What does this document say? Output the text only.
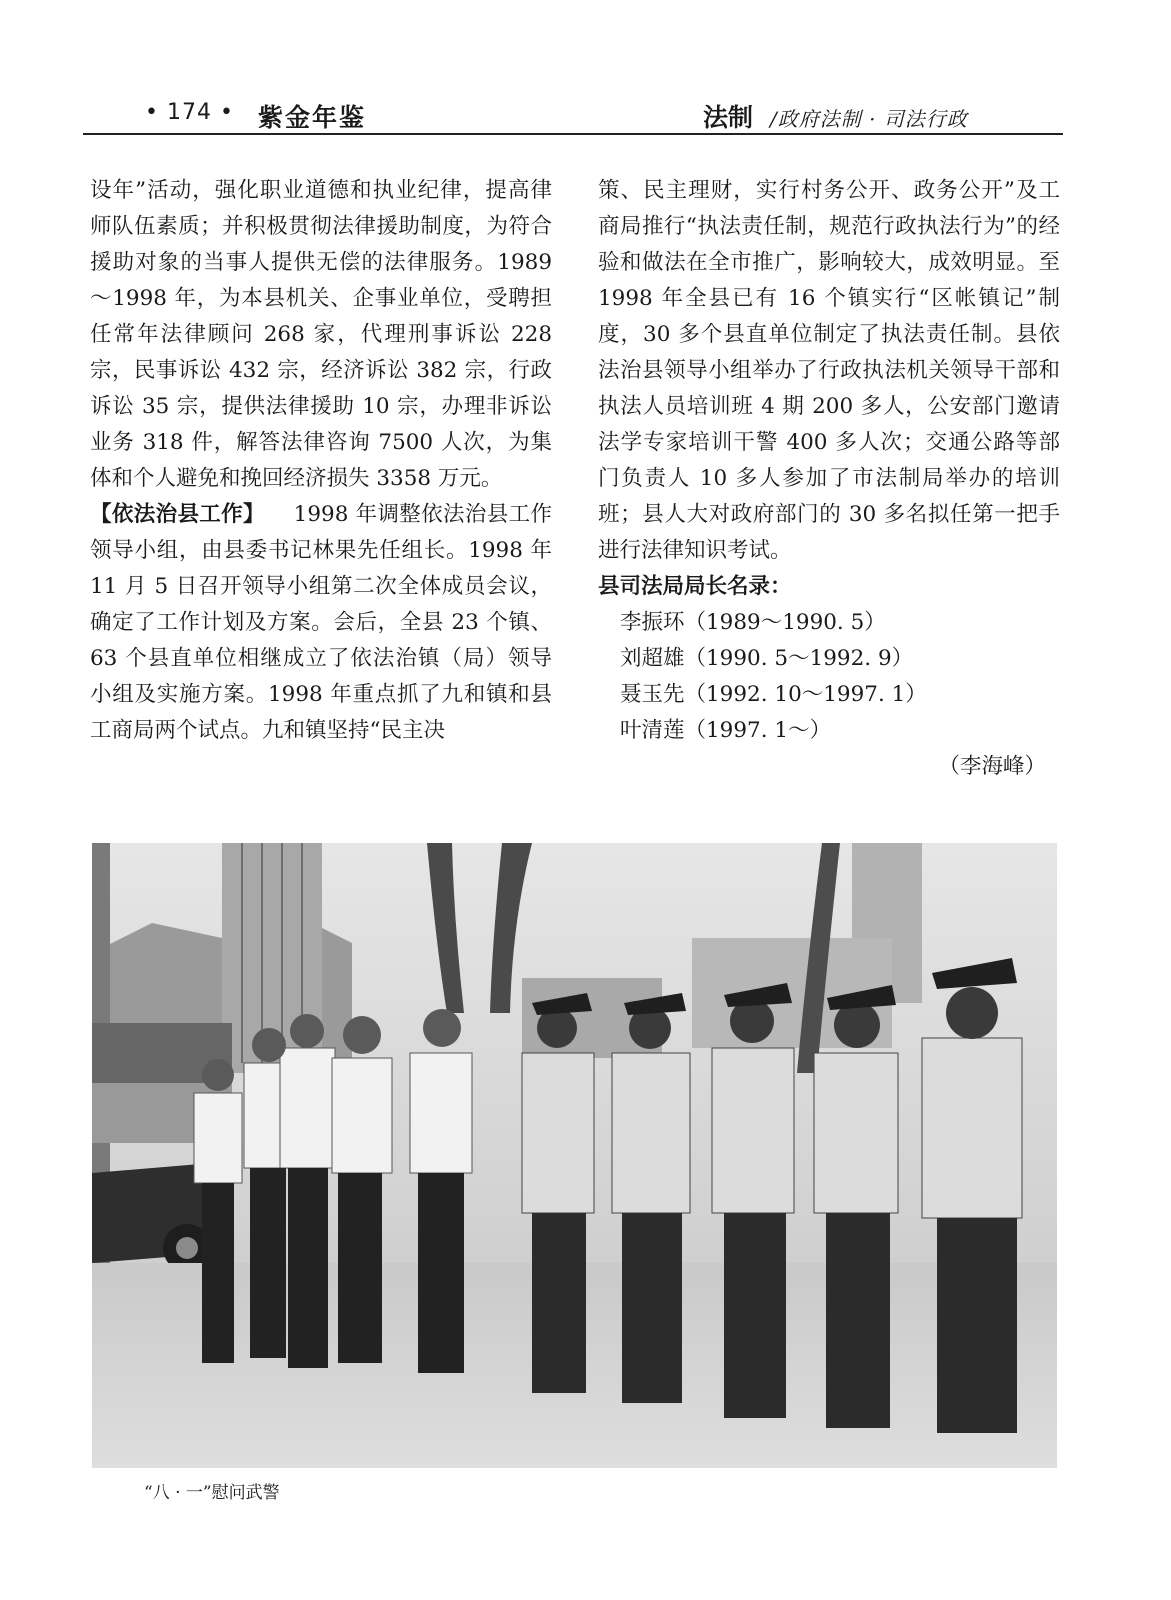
• 174 • 紫金年鉴	法制 /政府法制 · 司法行政

设年”活动，强化职业道德和执业纪律，提高律师队伍素质；并积极贯彻法律援助制度，为符合援助对象的当事人提供无偿的法律服务。1989～1998 年，为本县机关、企事业单位，受聘担任常年法律顾问 268 家，代理刑事诉讼 228 宗，民事诉讼 432 宗，经济诉讼 382 宗，行政诉讼 35 宗，提供法律援助 10 宗，办理非诉讼业务 318 件，解答法律咨询 7500 人次，为集体和个人避免和挽回经济损失 3358 万元。

【依法治县工作】 1998 年调整依法治县工作领导小组，由县委书记林果先任组长。1998 年 11 月 5 日召开领导小组第二次全体成员会议，确定了工作计划及方案。会后，全县 23 个镇、63 个县直单位相继成立了依法治镇（局）领导小组及实施方案。1998 年重点抓了九和镇和县工商局两个试点。九和镇坚持“民主决

策、民主理财，实行村务公开、政务公开”及工商局推行“执法责任制，规范行政执法行为”的经验和做法在全市推广，影响较大，成效明显。至 1998 年全县已有 16 个镇实行“区帐镇记”制度，30 多个县直单位制定了执法责任制。县依法治县领导小组举办了行政执法机关领导干部和执法人员培训班 4 期 200 多人，公安部门邀请法学专家培训干警 400 多人次；交通公路等部门负责人 10 多人参加了市法制局举办的培训班；县人大对政府部门的 30 多名拟任第一把手进行法律知识考试。

县司法局局长名录：

李振环（1989～1990. 5）
刘超雄（1990. 5～1992. 9）
聂玉先（1992. 10～1997. 1）
叶清莲（1997. 1～）

（李海峰）

“八 · 一”慰问武警
